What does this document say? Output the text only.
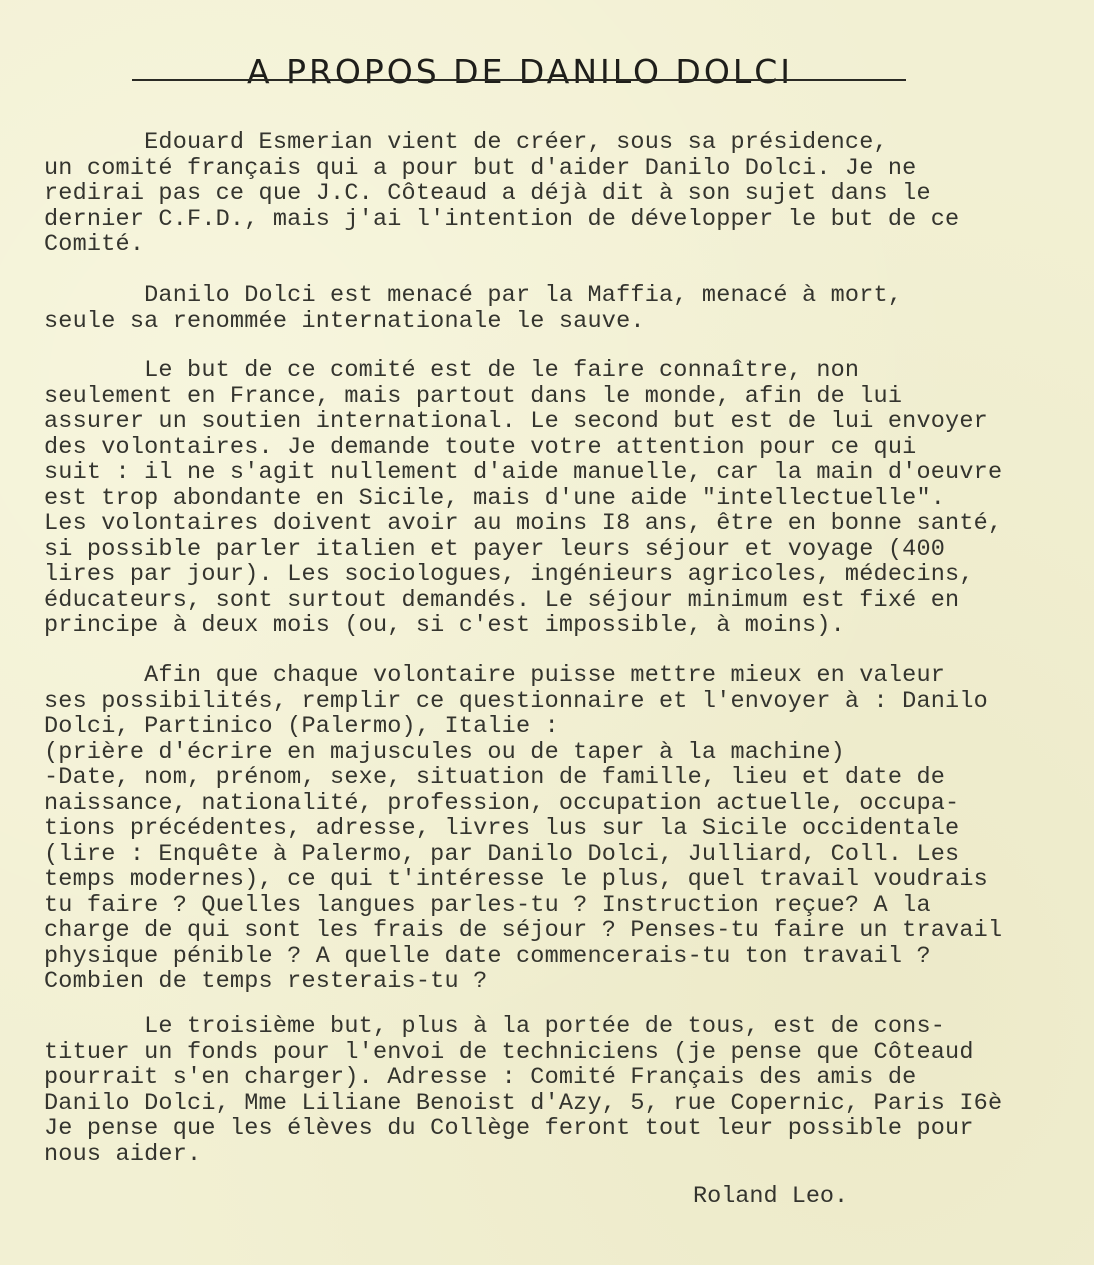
A PROPOS DE DANILO DOLCI

Edouard Esmerian vient de créer, sous sa présidence,
un comité français qui a pour but d'aider Danilo Dolci. Je ne
redirai pas ce que J.C. Côteaud a déjà dit à son sujet dans le
dernier C.F.D., mais j'ai l'intention de développer le but de ce
Comité.

Danilo Dolci est menacé par la Maffia, menacé à mort,
seule sa renommée internationale le sauve.

Le but de ce comité est de le faire connaître, non
seulement en France, mais partout dans le monde, afin de lui
assurer un soutien international. Le second but est de lui envoyer
des volontaires. Je demande toute votre attention pour ce qui
suit : il ne s'agit nullement d'aide manuelle, car la main d'oeuvre
est trop abondante en Sicile, mais d'une aide "intellectuelle".
Les volontaires doivent avoir au moins I8 ans, être en bonne santé,
si possible parler italien et payer leurs séjour et voyage (400
lires par jour). Les sociologues, ingénieurs agricoles, médecins,
éducateurs, sont surtout demandés. Le séjour minimum est fixé en
principe à deux mois (ou, si c'est impossible, à moins).

Afin que chaque volontaire puisse mettre mieux en valeur
ses possibilités, remplir ce questionnaire et l'envoyer à : Danilo
Dolci, Partinico (Palermo), Italie :
(prière d'écrire en majuscules ou de taper à la machine)
-Date, nom, prénom, sexe, situation de famille, lieu et date de
naissance, nationalité, profession, occupation actuelle, occupa-
tions précédentes, adresse, livres lus sur la Sicile occidentale
(lire : Enquête à Palermo, par Danilo Dolci, Julliard, Coll. Les
temps modernes), ce qui t'intéresse le plus, quel travail voudrais
tu faire ? Quelles langues parles-tu ? Instruction reçue? A la
charge de qui sont les frais de séjour ? Penses-tu faire un travail
physique pénible ? A quelle date commencerais-tu ton travail ?
Combien de temps resterais-tu ?

Le troisième but, plus à la portée de tous, est de cons-
tituer un fonds pour l'envoi de techniciens (je pense que Côteaud
pourrait s'en charger). Adresse : Comité Français des amis de
Danilo Dolci, Mme Liliane Benoist d'Azy, 5, rue Copernic, Paris I6è
Je pense que les élèves du Collège feront tout leur possible pour
nous aider.

Roland Leo.
